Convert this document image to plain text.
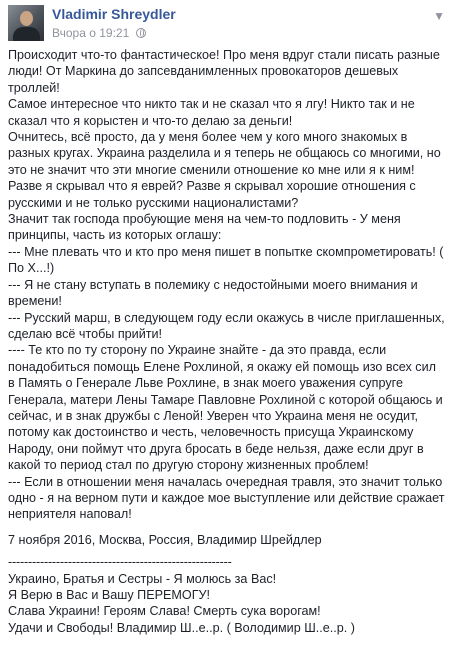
Vladimir Shreydler
Вчора о 19:21
▼
Происходит что-то фантастическое! Про меня вдруг стали писать разные
люди! От Маркина до запсевданимленных провокаторов дешевых
троллей!
Самое интересное что никто так и не сказал что я лгу! Никто так и не
сказал что я корыстен и что-то делаю за деньги!
Очнитесь, всё просто, да у меня более чем у кого много знакомых в
разных кругах. Украина разделила и я теперь не общаюсь со многими, но
это не значит что эти многие сменили отношение ко мне или я к ним!
Разве я скрывал что я еврей? Разве я скрывал хорошие отношения с
русскими и не только русскими националистами?
Значит так господа пробующие меня на чем-то подловить - У меня
принципы, часть из которых оглашу:
--- Мне плевать что и кто про меня пишет в попытке скомпрометировать! (
По Х...!)
--- Я не стану вступать в полемику с недостойными моего внимания и
времени!
--- Русский марш, в следующем году если окажусь в числе приглашенных,
сделаю всё чтобы прийти!
---- Те кто по ту сторону по Украине знайте - да это правда, если
понадобиться помощь Елене Рохлиной, я окажу ей помощь изо всех сил
в Память о Генерале Льве Рохлине, в знак моего уважения супруге
Генерала, матери Лены Тамаре Павловне Рохлиной с которой общаюсь и
сейчас, и в знак дружбы с Леной! Уверен что Украина меня не осудит,
потому как достоинство и честь, человечность присуща Украинскому
Народу, они поймут что друга бросать в беде нельзя, даже если друг в
какой то период стал по другую сторону жизненных проблем!
--- Если в отношении меня началась очередная травля, это значит только
одно - я на верном пути и каждое мое выступление или действие сражает
неприятеля наповал!
7 ноября 2016, Москва, Россия, Владимир Шрейдлер
--------------------------------------------------------
Украино, Братья и Сестры - Я молюсь за Вас!
Я Верю в Вас и Вашу ПЕРЕМОГУ!
Слава Украини! Героям Слава! Смерть сука ворогам!
Удачи и Свободы! Владимир Ш..е..р. ( Володимир Ш..е..р. )
